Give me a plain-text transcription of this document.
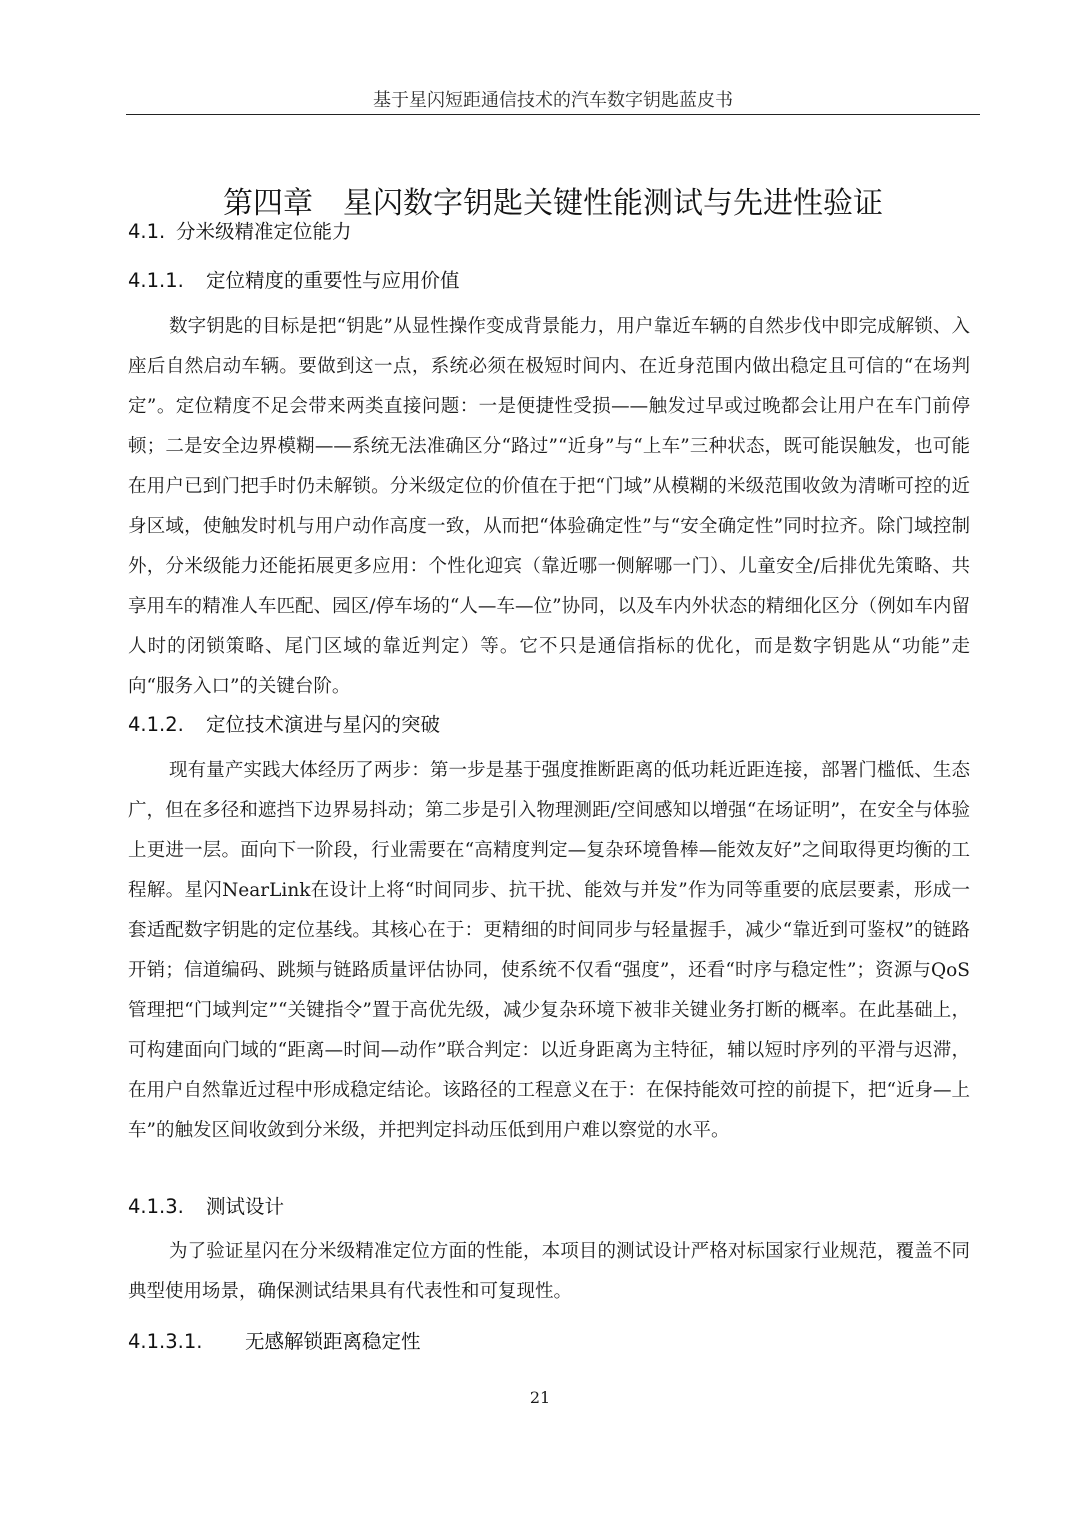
基于星闪短距通信技术的汽车数字钥匙蓝皮书
第四章　星闪数字钥匙关键性能测试与先进性验证
4.1. 分米级精准定位能力
4.1.1. 定位精度的重要性与应用价值

数字钥匙的目标是把“钥匙”从显性操作变成背景能力，用户靠近车辆的自然步伐中即完成解锁、入座后自然启动车辆。要做到这一点，系统必须在极短时间内、在近身范围内做出稳定且可信的“在场判定”。定位精度不足会带来两类直接问题：一是便捷性受损——触发过早或过晚都会让用户在车门前停顿；二是安全边界模糊——系统无法准确区分“路过”“近身”与“上车”三种状态，既可能误触发，也可能在用户已到门把手时仍未解锁。分米级定位的价值在于把“门域”从模糊的米级范围收敛为清晰可控的近身区域，使触发时机与用户动作高度一致，从而把“体验确定性”与“安全确定性”同时拉齐。除门域控制外，分米级能力还能拓展更多应用：个性化迎宾（靠近哪一侧解哪一门）、儿童安全/后排优先策略、共享用车的精准人车匹配、园区/停车场的“人—车—位”协同，以及车内外状态的精细化区分（例如车内留人时的闭锁策略、尾门区域的靠近判定）等。它不只是通信指标的优化，而是数字钥匙从“功能”走向“服务入口”的关键台阶。

4.1.2. 定位技术演进与星闪的突破

现有量产实践大体经历了两步：第一步是基于强度推断距离的低功耗近距连接，部署门槛低、生态广，但在多径和遮挡下边界易抖动；第二步是引入物理测距/空间感知以增强“在场证明”，在安全与体验上更进一层。面向下一阶段，行业需要在“高精度判定—复杂环境鲁棒—能效友好”之间取得更均衡的工程解。星闪NearLink在设计上将“时间同步、抗干扰、能效与并发”作为同等重要的底层要素，形成一套适配数字钥匙的定位基线。其核心在于：更精细的时间同步与轻量握手，减少“靠近到可鉴权”的链路开销；信道编码、跳频与链路质量评估协同，使系统不仅看“强度”，还看“时序与稳定性”；资源与QoS管理把“门域判定”“关键指令”置于高优先级，减少复杂环境下被非关键业务打断的概率。在此基础上，可构建面向门域的“距离—时间—动作”联合判定：以近身距离为主特征，辅以短时序列的平滑与迟滞，在用户自然靠近过程中形成稳定结论。该路径的工程意义在于：在保持能效可控的前提下，把“近身—上车”的触发区间收敛到分米级，并把判定抖动压低到用户难以察觉的水平。

4.1.3. 测试设计

为了验证星闪在分米级精准定位方面的性能，本项目的测试设计严格对标国家行业规范，覆盖不同典型使用场景，确保测试结果具有代表性和可复现性。

4.1.3.1. 无感解锁距离稳定性
21
